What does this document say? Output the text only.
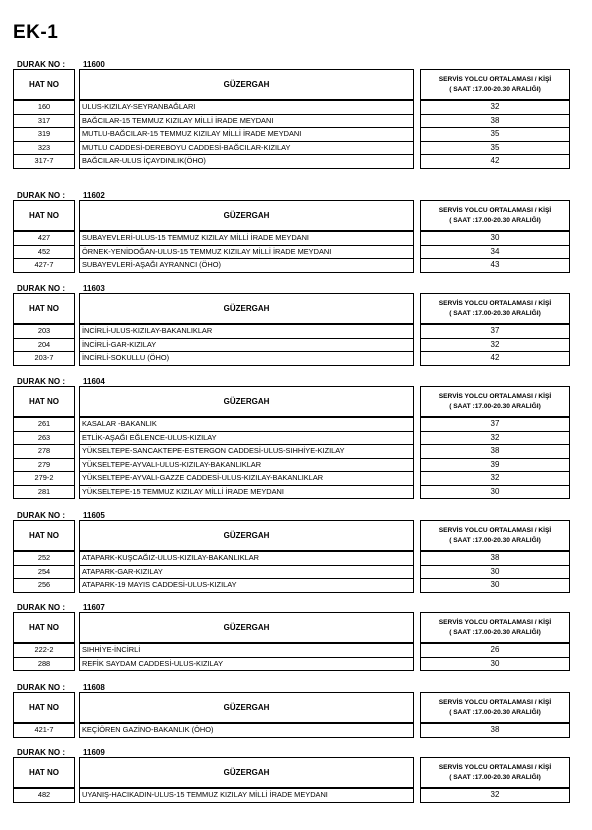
EK-1
DURAK NO : 11600
HAT NO	GÜZERGAH
SERVİS YOLCU ORTALAMASI / KİŞİ
( SAAT :17.00-20.30 ARALIĞI)
160	ULUS-KIZILAY-SEYRANBAĞLARI	32
317	BAĞCILAR-15 TEMMUZ KIZILAY MİLLİ İRADE MEYDANI	38
319	MUTLU-BAĞCILAR-15 TEMMUZ KIZILAY MİLLİ İRADE MEYDANI	35
323	MUTLU CADDESİ-DEREBOYU CADDESİ-BAĞCILAR-KIZILAY	35
317-7	BAĞCILAR-ULUS İÇAYDINLIK(ÖHO)	42
DURAK NO : 11602
HAT NO	GÜZERGAH
SERVİS YOLCU ORTALAMASI / KİŞİ
( SAAT :17.00-20.30 ARALIĞI)
427	SUBAYEVLERİ-ULUS-15 TEMMUZ KIZILAY MİLLİ İRADE MEYDANI	30
452	ÖRNEK-YENİDOĞAN-ULUS-15 TEMMUZ KIZILAY MİLLİ İRADE MEYDANI	34
427-7	SUBAYEVLERİ-AŞAĞI AYRANNCI (ÖHO)	43
DURAK NO : 11603
HAT NO	GÜZERGAH
SERVİS YOLCU ORTALAMASI / KİŞİ
( SAAT :17.00-20.30 ARALIĞI)
203	İNCİRLİ-ULUS-KIZILAY-BAKANLIKLAR	37
204	İNCİRLİ-GAR-KIZILAY	32
203-7	İNCİRLİ-SOKULLU (ÖHO)	42
DURAK NO : 11604
HAT NO	GÜZERGAH
SERVİS YOLCU ORTALAMASI / KİŞİ
( SAAT :17.00-20.30 ARALIĞI)
261	KASALAR -BAKANLIK	37
263	ETLİK-AŞAĞI EĞLENCE-ULUS-KIZILAY	32
278	YÜKSELTEPE-SANCAKTEPE-ESTERGON CADDESİ-ULUS-SIHHİYE-KIZILAY	38
279	YÜKSELTEPE-AYVALI-ULUS-KIZILAY-BAKANLIKLAR	39
279-2	YÜKSELTEPE-AYVALI-GAZZE CADDESİ-ULUS-KIZILAY-BAKANLIKLAR	32
281	YÜKSELTEPE-15 TEMMUZ KIZILAY MİLLİ İRADE MEYDANI	30
DURAK NO : 11605
HAT NO	GÜZERGAH
SERVİS YOLCU ORTALAMASI / KİŞİ
( SAAT :17.00-20.30 ARALIĞI)
252	ATAPARK-KUŞCAĞIZ-ULUS-KIZILAY-BAKANLIKLAR	38
254	ATAPARK-GAR-KIZILAY	30
256	ATAPARK-19 MAYIS CADDESİ-ULUS-KIZILAY	30
DURAK NO : 11607
HAT NO	GÜZERGAH
SERVİS YOLCU ORTALAMASI / KİŞİ
( SAAT :17.00-20.30 ARALIĞI)
222-2	SIHHİYE-İNCİRLİ	26
288	REFİK SAYDAM CADDESİ-ULUS-KIZILAY	30
DURAK NO : 11608
HAT NO	GÜZERGAH
SERVİS YOLCU ORTALAMASI / KİŞİ
( SAAT :17.00-20.30 ARALIĞI)
421-7	KEÇİÖREN GAZİNO-BAKANLIK (ÖHO)	38
DURAK NO : 11609
HAT NO	GÜZERGAH
SERVİS YOLCU ORTALAMASI / KİŞİ
( SAAT :17.00-20.30 ARALIĞI)
482	UYANIŞ-HACIKADIN-ULUS-15 TEMMUZ KIZILAY MİLLİ İRADE MEYDANI	32
